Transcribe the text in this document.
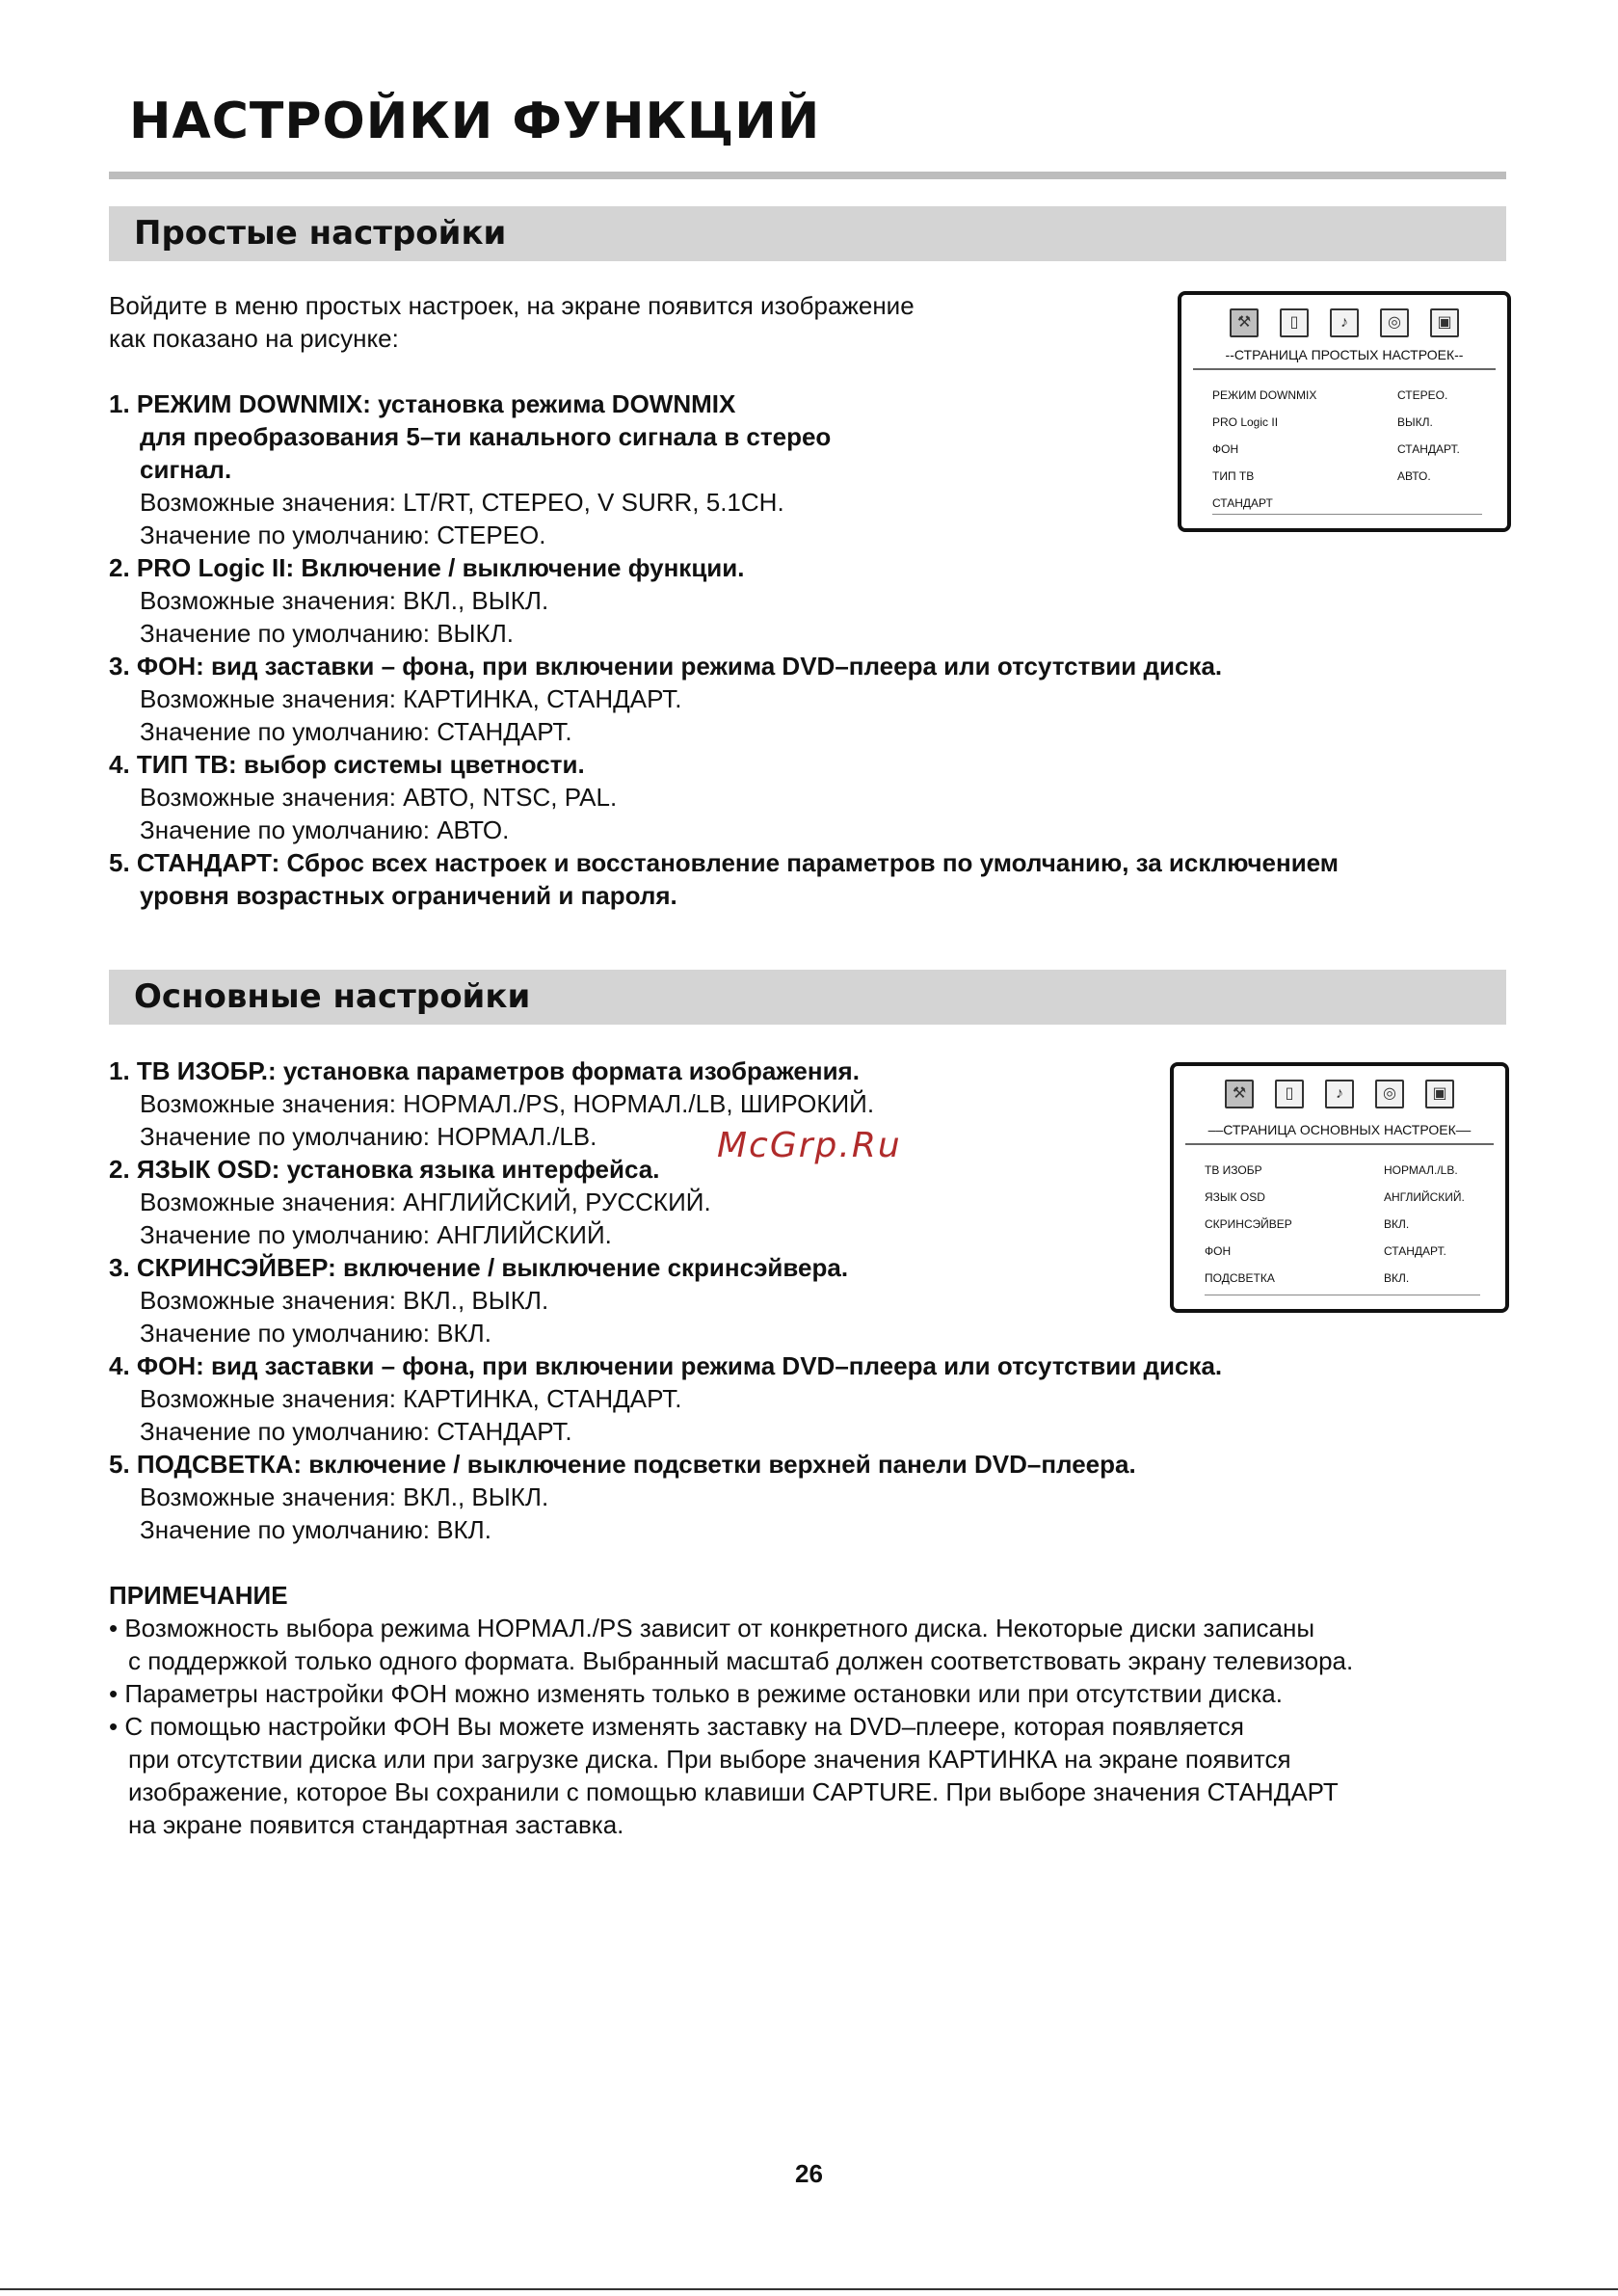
НАСТРОЙКИ ФУНКЦИЙ
Простые настройки

Войдите в меню простых настроек, на экране появится изображение

как показано на рисунке:

1. РЕЖИМ DOWNMIX: установка режима DOWNMIX

для преобразования 5–ти канального сигнала в стерео

сигнал.

Возможные значения: LT/RT, СТЕРЕО, V SURR, 5.1CH.

Значение по умолчанию: СТЕРЕО.

2. PRO Logic II: Включение / выключение функции.

Возможные значения: ВКЛ., ВЫКЛ.

Значение по умолчанию: ВЫКЛ.

3. ФОН: вид заставки – фона, при включении режима DVD–плеера или отсутствии диска.

Возможные значения: КАРТИНКА, СТАНДАРТ.

Значение по умолчанию: СТАНДАРТ.

4. ТИП ТВ: выбор системы цветности.

Возможные значения: АВТО, NTSC, PAL.

Значение по умолчанию: АВТО.

5. СТАНДАРТ: Сброс всех настроек и восстановление параметров по умолчанию, за исключением

уровня возрастных ограничений и пароля.

⚒	▯	♪	◎	▣
--СТРАНИЦА ПРОСТЫХ НАСТРОЕК--
РЕЖИМ DOWNMIX	СТЕРЕО.
PRO Logic II	ВЫКЛ.
ФОН	СТАНДАРТ.
ТИП ТВ	АВТО.
СТАНДАРТ
Основные настройки

1. ТВ ИЗОБР.: установка параметров формата изображения.

Возможные значения: НОРМАЛ./PS, НОРМАЛ./LB, ШИРОКИЙ.

Значение по умолчанию: НОРМАЛ./LB.

2. ЯЗЫК OSD: установка языка интерфейса.

Возможные значения: АНГЛИЙСКИЙ, РУССКИЙ.

Значение по умолчанию: АНГЛИЙСКИЙ.

3. СКРИНСЭЙВЕР: включение / выключение скринсэйвера.

Возможные значения: ВКЛ., ВЫКЛ.

Значение по умолчанию: ВКЛ.

4. ФОН: вид заставки – фона, при включении режима DVD–плеера или отсутствии диска.

Возможные значения: КАРТИНКА, СТАНДАРТ.

Значение по умолчанию: СТАНДАРТ.

5. ПОДСВЕТКА: включение / выключение подсветки верхней панели DVD–плеера.

Возможные значения: ВКЛ., ВЫКЛ.

Значение по умолчанию: ВКЛ.

ПРИМЕЧАНИЕ

• Возможность выбора режима НОРМАЛ./PS зависит от конкретного диска. Некоторые диски записаны

с поддержкой только одного формата. Выбранный масштаб должен соответствовать экрану телевизора.

• Параметры настройки ФОН можно изменять только в режиме остановки или при отсутствии диска.

• С помощью настройки ФОН Вы можете изменять заставку на DVD–плеере, которая появляется

при отсутствии диска или при загрузке диска. При выборе значения КАРТИНКА на экране появится

изображение, которое Вы сохранили с помощью клавиши CAPTURE. При выборе значения СТАНДАРТ

на экране появится стандартная заставка.

⚒	▯	♪	◎	▣
––СТРАНИЦА ОСНОВНЫХ НАСТРОЕК––
ТВ ИЗОБР	НОРМАЛ./LB.
ЯЗЫК OSD	АНГЛИЙСКИЙ.
СКРИНСЭЙВЕР	ВКЛ.
ФОН	СТАНДАРТ.
ПОДСВЕТКА	ВКЛ.
McGrp.Ru
26
